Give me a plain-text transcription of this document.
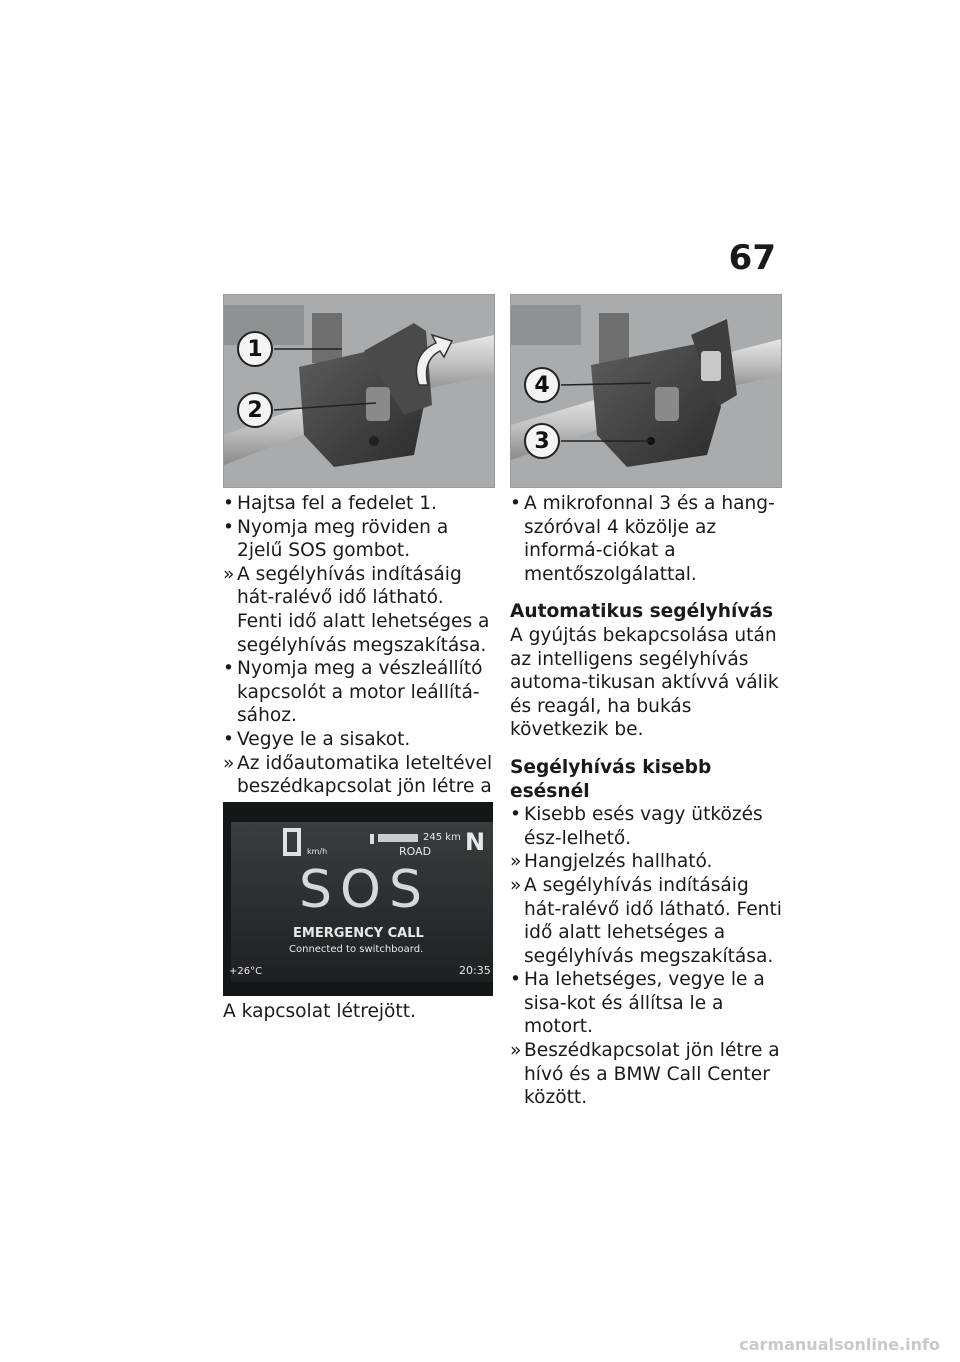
67
1
2
4
3
• Hajtsa fel a fedelet 1.
• Nyomja meg röviden a 2jelű SOS gombot.
» A segélyhívás indításáig hát-ralévő idő látható. Fenti idő alatt lehetséges a segélyhívás megszakítása.
• Nyomja meg a vészleállító kapcsolót a motor leállítá-sához.
• Vegye le a sisakot.
» Az időautomatika leteltével beszédkapcsolat jön létre a
km/h
245 km
ROAD N
SOS
EMERGENCY CALL
Connected to switchboard.
+26°C	20:35
A kapcsolat létrejött.
• A mikrofonnal 3 és a hang-szóróval 4 közölje az informá-ciókat a mentőszolgálattal.
Automatikus segélyhívás
A gyújtás bekapcsolása után az intelligens segélyhívás automa-tikusan aktívvá válik és reagál, ha bukás következik be.
Segélyhívás kisebb esésnél
• Kisebb esés vagy ütközés ész-lelhető.
» Hangjelzés hallható.
» A segélyhívás indításáig hát-ralévő idő látható. Fenti idő alatt lehetséges a segélyhívás megszakítása.
• Ha lehetséges, vegye le a sisa-kot és állítsa le a motort.
» Beszédkapcsolat jön létre a hívó és a BMW Call Center között.
carmanualsonline.info
